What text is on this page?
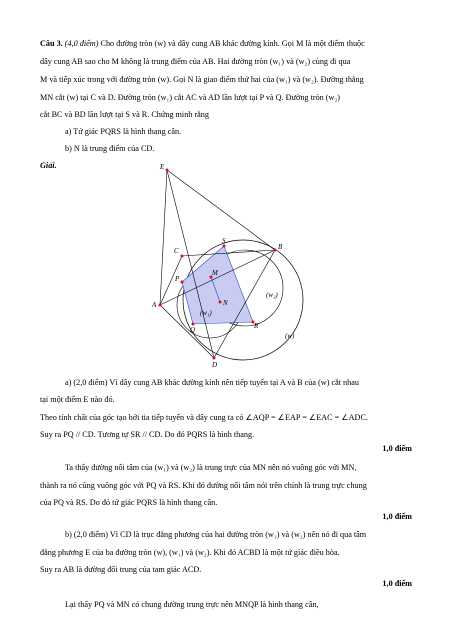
Câu 3. (4,0 điểm) Cho đường tròn (w) và dây cung AB khác đường kính. Gọi M là một điểm thuộc
dây cung AB sao cho M không là trung điểm của AB. Hai đường tròn (w₁) và (w₂) cùng đi qua
M và tiếp xúc trong với đường tròn (w). Gọi N là giao điểm thứ hai của (w₁) và (w₂). Đường thẳng
MN cắt (w) tại C và D. Đường tròn (w₁) cắt AC và AD lần lượt tại P và Q. Đường tròn (w₂)
cắt BC và BD lần lượt tại S và R. Chứng minh rằng
a) Tứ giác PQRS là hình thang cân.
b) N là trung điểm của CD.
Giải.	E
C
S
B
P
M
A	N
Q	R
D
(w₁)
(w₂)
(w)
a) (2,0 điểm) Vì dây cung AB khác đường kính nên tiếp tuyến tại A và B của (w) cắt nhau
tại một điểm E nào đó.
Theo tính chất của góc tạo bởi tia tiếp tuyến và dây cung ta có ∠AQP = ∠EAP = ∠EAC = ∠ADC.
Suy ra PQ // CD. Tương tự SR // CD. Do đó PQRS là hình thang.
1,0 điểm
Ta thấy đường nối tâm của (w₁) và (w₂) là trung trực của MN nên nó vuông góc với MN,
thành ra nó cũng vuông góc với PQ và RS. Khi đó đường nối tâm nói trên chính là trung trực chung
của PQ và RS. Do đó tứ giác PQRS là hình thang cân.
1,0 điểm
b) (2,0 điểm) Vì CD là trục đẳng phương của hai đường tròn (w₁) và (w₂) nên nó đi qua tâm
đẳng phương E của ba đường tròn (w), (w₁) và (w₂). Khi đó ACBD là một tứ giác điều hòa.
Suy ra AB là đường đối trung của tam giác ACD.
1,0 điểm
Lại thấy PQ và MN có chung đường trung trực nên MNQP là hình thang cân,
